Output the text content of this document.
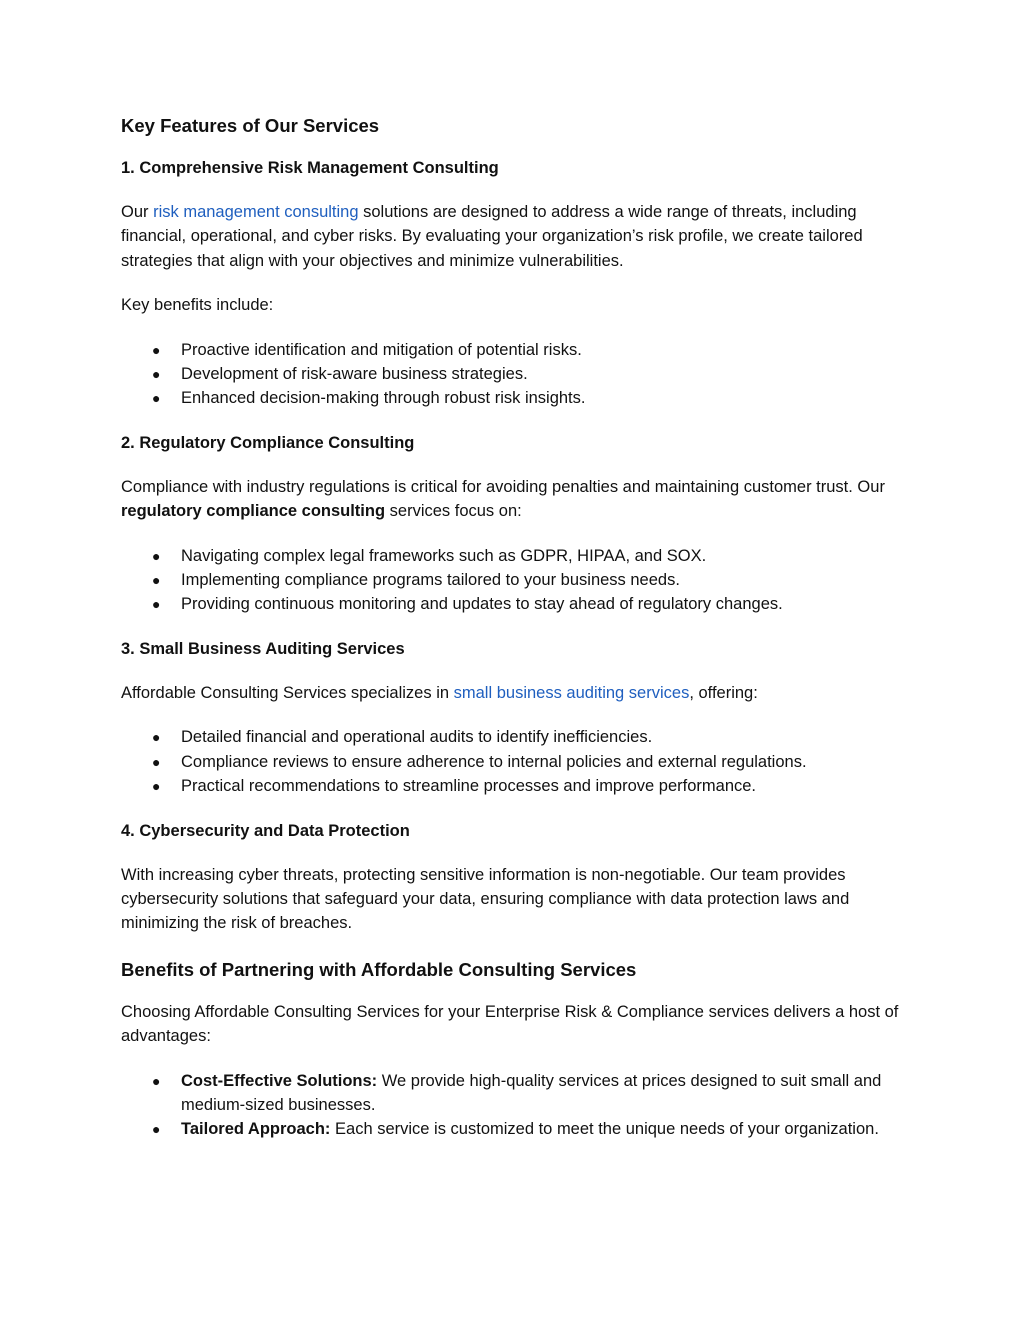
Key Features of Our Services
1. Comprehensive Risk Management Consulting

Our risk management consulting solutions are designed to address a wide range of threats, including financial, operational, and cyber risks. By evaluating your organization’s risk profile, we create tailored strategies that align with your objectives and minimize vulnerabilities.

Key benefits include:

● Proactive identification and mitigation of potential risks.
● Development of risk-aware business strategies.
● Enhanced decision-making through robust risk insights.
2. Regulatory Compliance Consulting

Compliance with industry regulations is critical for avoiding penalties and maintaining customer trust. Our regulatory compliance consulting services focus on:

● Navigating complex legal frameworks such as GDPR, HIPAA, and SOX.
● Implementing compliance programs tailored to your business needs.
● Providing continuous monitoring and updates to stay ahead of regulatory changes.
3. Small Business Auditing Services

Affordable Consulting Services specializes in small business auditing services, offering:

● Detailed financial and operational audits to identify inefficiencies.
● Compliance reviews to ensure adherence to internal policies and external regulations.
● Practical recommendations to streamline processes and improve performance.
4. Cybersecurity and Data Protection

With increasing cyber threats, protecting sensitive information is non-negotiable. Our team provides cybersecurity solutions that safeguard your data, ensuring compliance with data protection laws and minimizing the risk of breaches.

Benefits of Partnering with Affordable Consulting Services

Choosing Affordable Consulting Services for your Enterprise Risk & Compliance services delivers a host of advantages:

● Cost-Effective Solutions: We provide high-quality services at prices designed to suit small and medium-sized businesses.
● Tailored Approach: Each service is customized to meet the unique needs of your organization.
